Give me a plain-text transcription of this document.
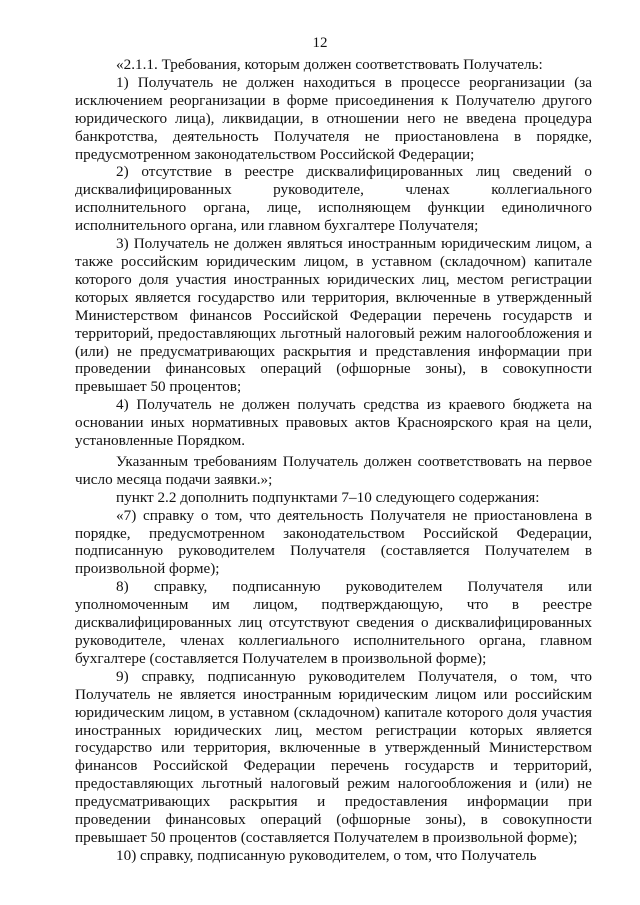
12

«2.1.1. Требования, которым должен соответствовать Получатель:

1) Получатель не должен находиться в процессе реорганизации (за исключением реорганизации в форме присоединения к Получателю другого юридического лица), ликвидации, в отношении него не введена процедура банкротства, деятельность Получателя не приостановлена в порядке, предусмотренном законодательством Российской Федерации;

2) отсутствие в реестре дисквалифицированных лиц сведений о дисквалифицированных руководителе, членах коллегиального исполнительного органа, лице, исполняющем функции единоличного исполнительного органа, или главном бухгалтере Получателя;

3) Получатель не должен являться иностранным юридическим лицом, а также российским юридическим лицом, в уставном (складочном) капитале которого доля участия иностранных юридических лиц, местом регистрации которых является государство или территория, включенные в утвержденный Министерством финансов Российской Федерации перечень государств и территорий, предоставляющих льготный налоговый режим налогообложения и (или) не предусматривающих раскрытия и представления информации при проведении финансовых операций (офшорные зоны), в совокупности превышает 50 процентов;

4) Получатель не должен получать средства из краевого бюджета на основании иных нормативных правовых актов Красноярского края на цели, установленные Порядком.

Указанным требованиям Получатель должен соответствовать на первое число месяца подачи заявки.»;

пункт 2.2 дополнить подпунктами 7–10 следующего содержания:

«7) справку о том, что деятельность Получателя не приостановлена в порядке, предусмотренном законодательством Российской Федерации, подписанную руководителем Получателя (составляется Получателем в произвольной форме);

8) справку, подписанную руководителем Получателя или уполномоченным им лицом, подтверждающую, что в реестре дисквалифицированных лиц отсутствуют сведения о дисквалифицированных руководителе, членах коллегиального исполнительного органа, главном бухгалтере (составляется Получателем в произвольной форме);

9) справку, подписанную руководителем Получателя, о том, что Получатель не является иностранным юридическим лицом или российским юридическим лицом, в уставном (складочном) капитале которого доля участия иностранных юридических лиц, местом регистрации которых является государство или территория, включенные в утвержденный Министерством финансов Российской Федерации перечень государств и территорий, предоставляющих льготный налоговый режим налогообложения и (или) не предусматривающих раскрытия и предоставления информации при проведении финансовых операций (офшорные зоны), в совокупности превышает 50 процентов (составляется Получателем в произвольной форме);

10) справку, подписанную руководителем, о том, что Получатель
